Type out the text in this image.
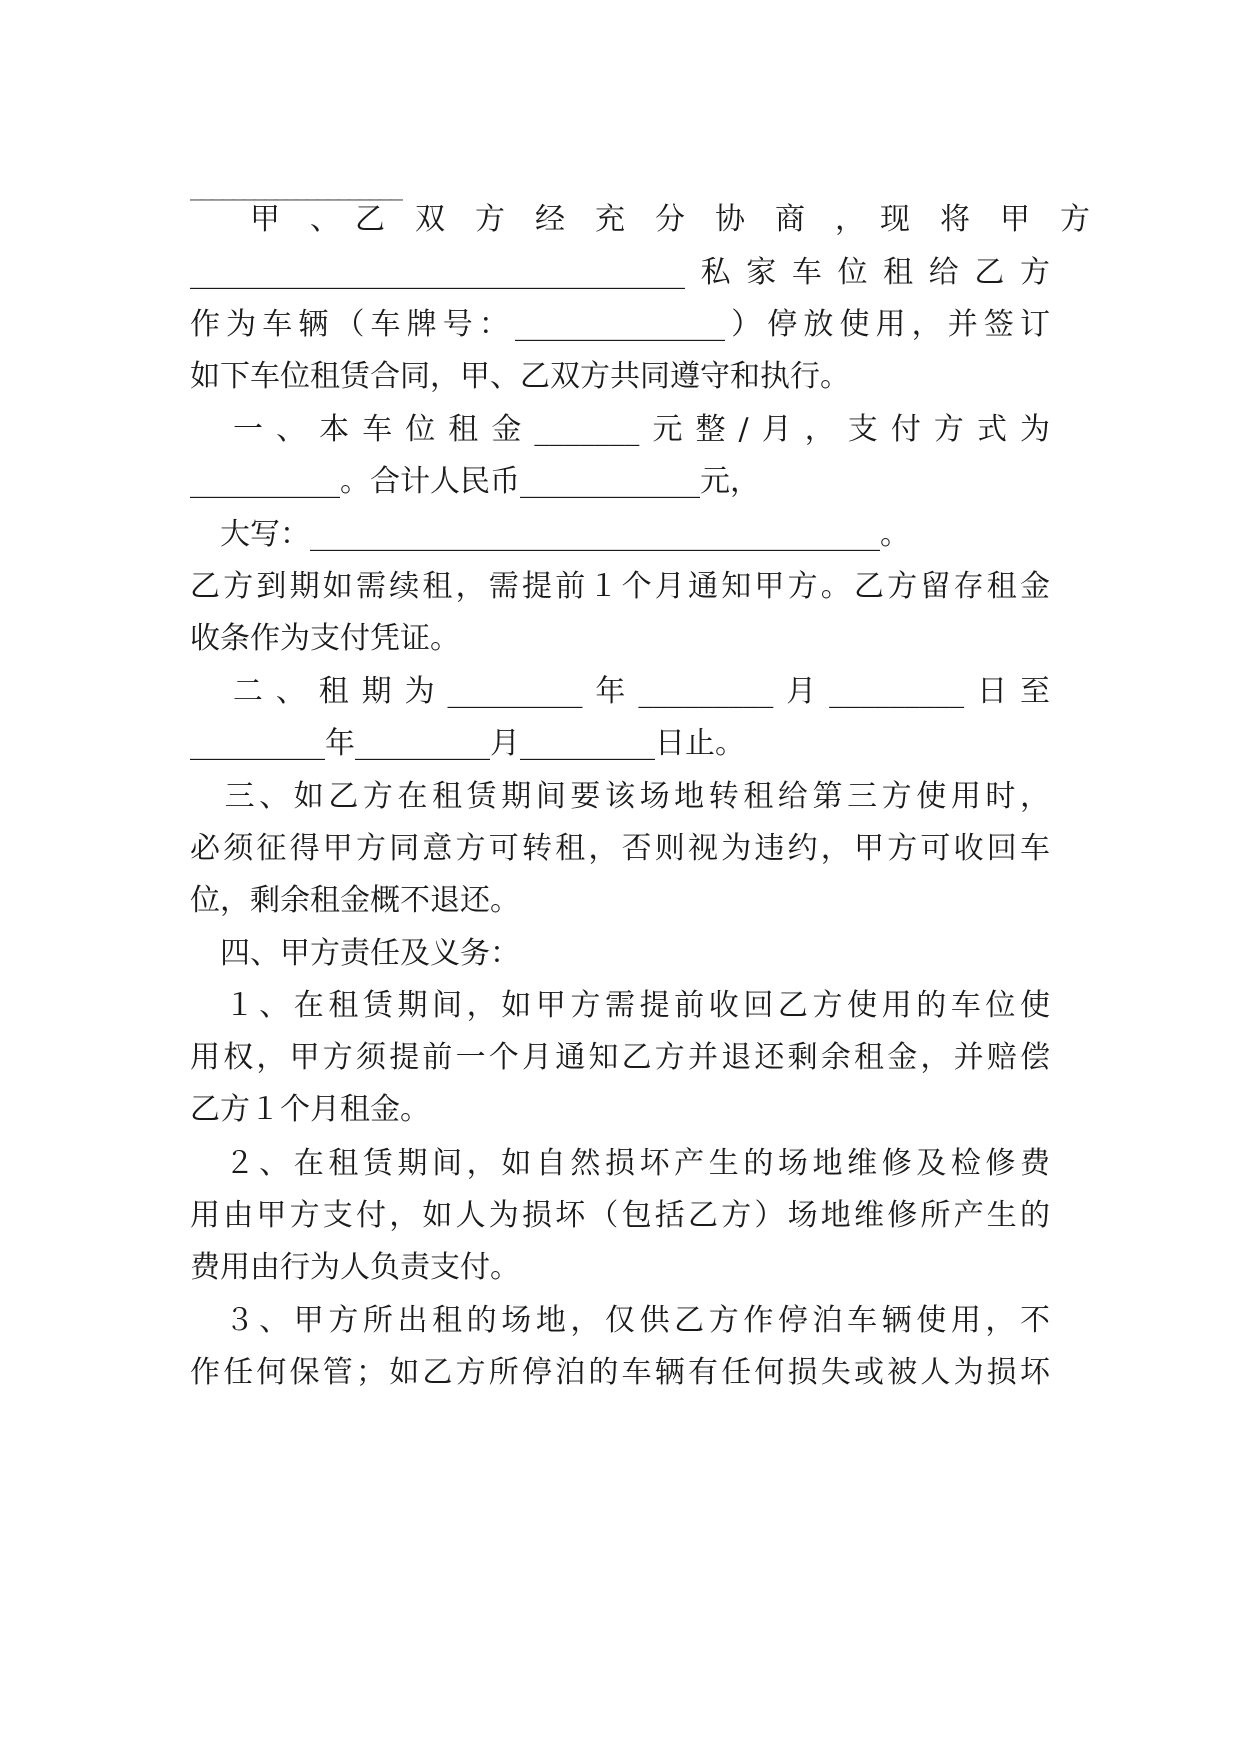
____________________
　　甲　、　乙　双　方　经　充　分　协　商　，　现　将　甲　方
_________________________________私家车位租给乙方
作为车辆（车牌号：______________）停放使用，并签订
如下车位租赁合同，甲、乙双方共同遵守和执行。
　一、本车位租金_______元整/月，支付方式为
__________。合计人民币____________元，
　大写：______________________________________。
乙方到期如需续租，需提前１个月通知甲方。乙方留存租金
收条作为支付凭证。
　二、租期为_________年_________月_________日至
_________年_________月_________日止。
　三、如乙方在租赁期间要该场地转租给第三方使用时，
必须征得甲方同意方可转租，否则视为违约，甲方可收回车
位，剩余租金概不退还。
　四、甲方责任及义务：
　１、在租赁期间，如甲方需提前收回乙方使用的车位使
用权，甲方须提前一个月通知乙方并退还剩余租金，并赔偿
乙方１个月租金。
　２、在租赁期间，如自然损坏产生的场地维修及检修费
用由甲方支付，如人为损坏（包括乙方）场地维修所产生的
费用由行为人负责支付。
　３、甲方所出租的场地，仅供乙方作停泊车辆使用，不
作任何保管；如乙方所停泊的车辆有任何损失或被人为损坏
